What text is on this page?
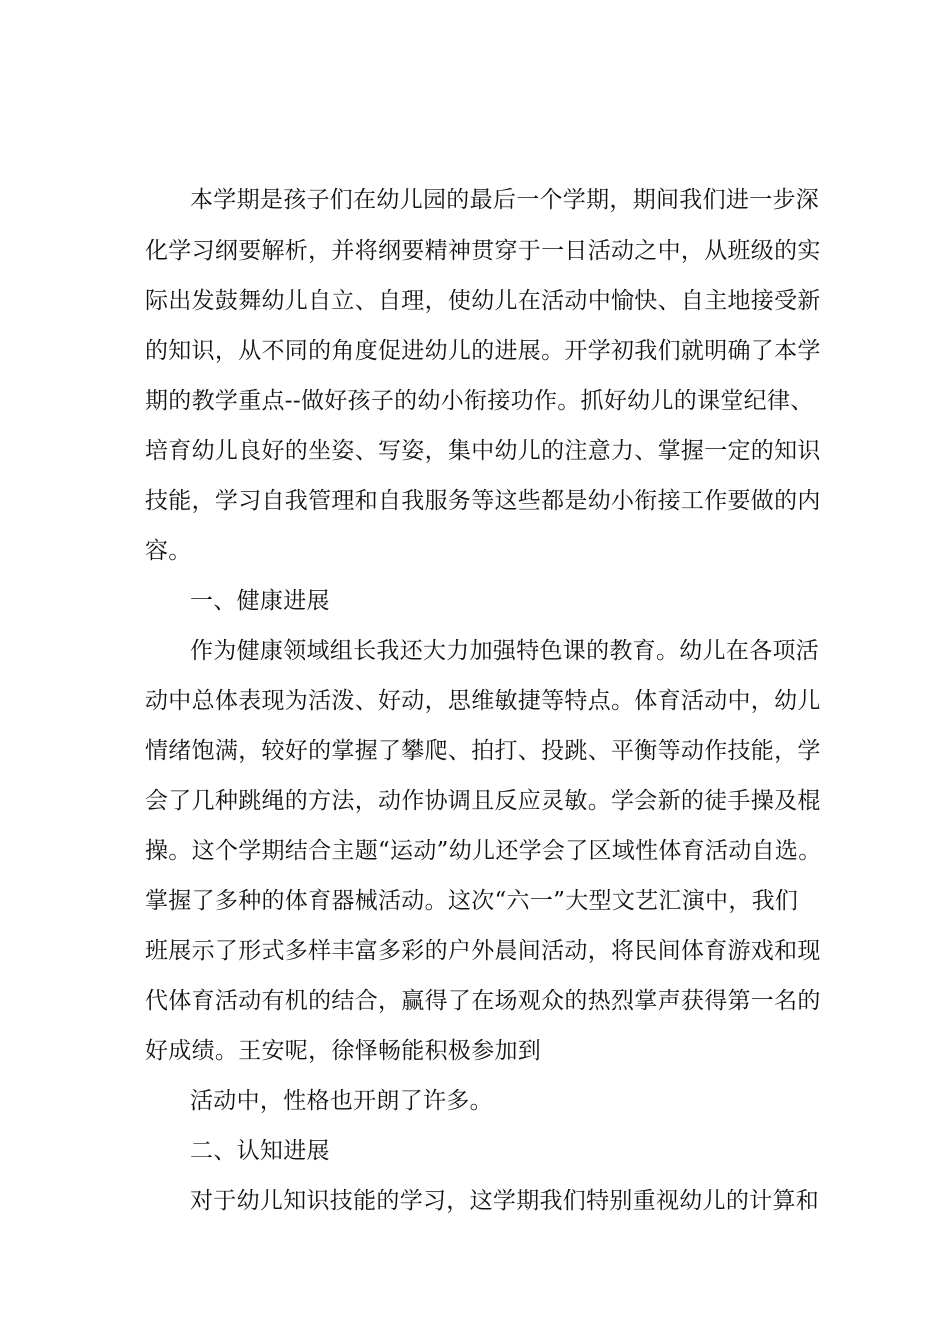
本学期是孩子们在幼儿园的最后一个学期，期间我们进一步深
化学习纲要解析，并将纲要精神贯穿于一日活动之中，从班级的实
际出发鼓舞幼儿自立、自理，使幼儿在活动中愉快、自主地接受新
的知识，从不同的角度促进幼儿的进展。开学初我们就明确了本学
期的教学重点--做好孩子的幼小衔接功作。抓好幼儿的课堂纪律、
培育幼儿良好的坐姿、写姿，集中幼儿的注意力、掌握一定的知识
技能，学习自我管理和自我服务等这些都是幼小衔接工作要做的内
容。
一、健康进展
作为健康领域组长我还大力加强特色课的教育。幼儿在各项活
动中总体表现为活泼、好动，思维敏捷等特点。体育活动中，幼儿
情绪饱满，较好的掌握了攀爬、拍打、投跳、平衡等动作技能，学
会了几种跳绳的方法，动作协调且反应灵敏。学会新的徒手操及棍
操。这个学期结合主题“运动”幼儿还学会了区域性体育活动自选。
掌握了多种的体育器械活动。这次“六一”大型文艺汇演中，我们
班展示了形式多样丰富多彩的户外晨间活动，将民间体育游戏和现
代体育活动有机的结合，赢得了在场观众的热烈掌声获得第一名的
好成绩。王安呢，徐怿畅能积极参加到
活动中，性格也开朗了许多。
二、认知进展
对于幼儿知识技能的学习，这学期我们特别重视幼儿的计算和
